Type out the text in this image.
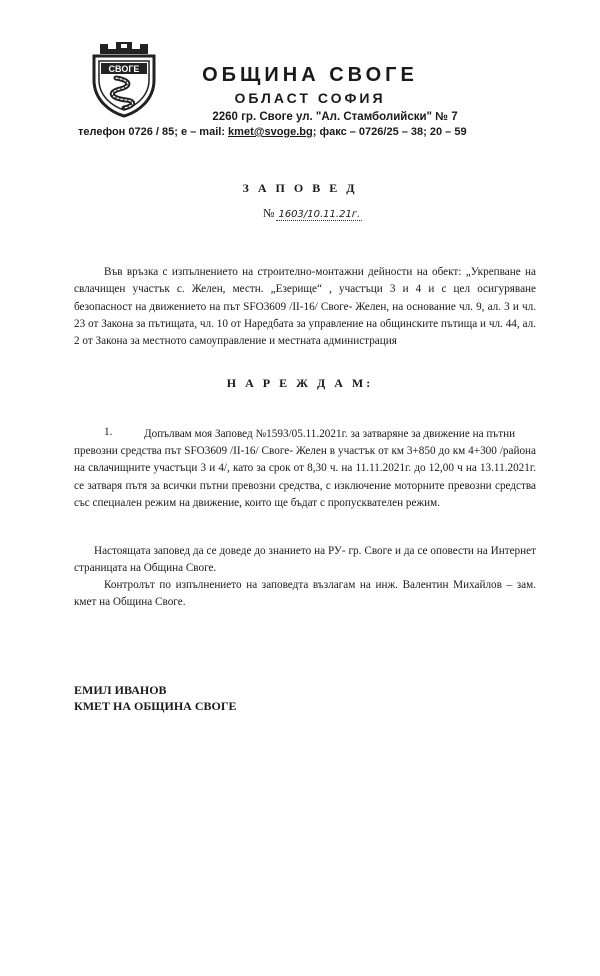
СВОГЕ	ОБЩИНА СВОГЕ
ОБЛАСТ СОФИЯ
2260 гр. Своге ул. "Ал. Стамболийски" № 7
телефон 0726 / 85; e – mail: kmet@svoge.bg; факс – 0726/25 – 38; 20 – 59
З А П О В Е Д
№ 1603/10.11.21г.
Във връзка с изпълнението на строително-монтажни дейности на обект: „Укрепване на свлачищен участък с. Желен, местн. „Езерище“ , участъци 3 и 4 и с цел осигуряване безопасност на движението на път SFO3609 /II-16/ Своге- Желен, на основание чл. 9, ал. 3 и чл. 23 от Закона за пътищата, чл. 10 от Наредбата за управление на общинските пътища и чл. 44, ал. 2 от Закона за местното самоуправление и местната администрация
Н А Р Е Ж Д А М:
1.	Допълвам моя Заповед №1593/05.11.2021г. за затваряне за движение на пътни
превозни средства път SFO3609 /II-16/ Своге- Желен в участък от км 3+850 до км 4+300 /района на свлачищните участъци 3 и 4/, като за срок от 8,30 ч. на 11.11.2021г. до 12,00 ч на 13.11.2021г. се затваря пътя за всички пътни превозни средства, с изключение моторните превозни средства със специален режим на движение, които ще бъдат с пропусквателен режим.
Настоящата заповед да се доведе до знанието на РУ- гр. Своге и да се оповести на Интернет страницата на Община Своге.
Контролът по изпълнението на заповедта възлагам на инж. Валентин Михайлов – зам. кмет на Община Своге.
ЕМИЛ ИВАНОВ
КМЕТ НА ОБЩИНА СВОГЕ
